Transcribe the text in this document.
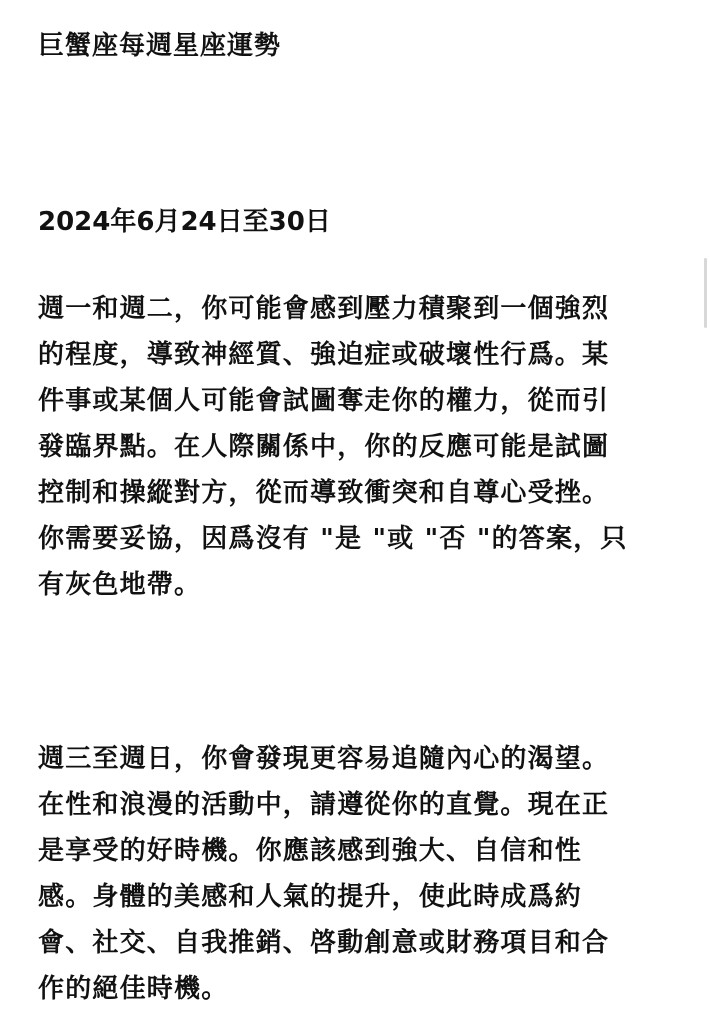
巨蟹座每週星座運勢
2024年6月24日至30日

週一和週二，你可能會感到壓力積聚到一個強烈
的程度，導致神經質、強迫症或破壞性行爲。某
件事或某個人可能會試圖奪走你的權力，從而引
發臨界點。在人際關係中，你的反應可能是試圖
控制和操縱對方，從而導致衝突和自尊心受挫。
你需要妥協，因爲沒有 "是 "或 "否 "的答案，只
有灰色地帶。

週三至週日，你會發現更容易追隨內心的渴望。
在性和浪漫的活動中，請遵從你的直覺。現在正
是享受的好時機。你應該感到強大、自信和性
感。身體的美感和人氣的提升，使此時成爲約
會、社交、自我推銷、啓動創意或財務項目和合
作的絕佳時機。
